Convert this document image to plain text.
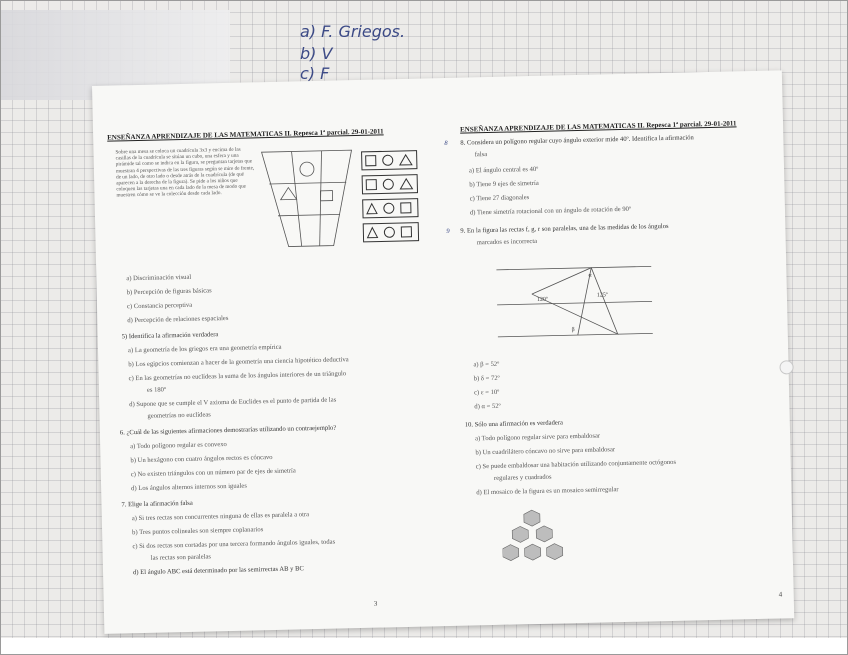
a) F. Griegos.
b) V
c) F
ENSEÑANZA APRENDIZAJE DE LAS MATEMATICAS II. Repesca 1ª parcial. 29-01-2011
Sobre una mesa se coloca un cuadrícula 3x3 y encima de las casillas de la cuadrícula se sitúan un cubo, una esfera y una pirámide tal como se indica en la figura, se preguntan tarjetas que muestran 4 perspectivas de las tres figuras según se mire de frente, de un lado, de otro lado o desde atrás de la cuadrícula (de qué aparecen a la derecha de la figura). Se pide a los niños que coloquen las tarjetas una en cada lado de la mesa de modo que muestren cómo se ve la colección desde cada lado.
a) Discriminación visual
b) Percepción de figuras básicas
c) Constancia perceptiva
d) Percepción de relaciones espaciales
5) Identifica la afirmación verdadera
a) La geometría de los griegos era una geometría empírica
b) Los egipcios comienzan a hacer de la geometría una ciencia hipotético deductiva
c) En las geometrías no euclídeas la suma de los ángulos interiores de un triángulo
es 180º
d) Supone que se cumple el V axioma de Euclides es el punto de partida de las
geometrías no euclídeas
6. ¿Cuál de las siguientes afirmaciones demostrarías utilizando un contraejemplo?
a) Todo polígono regular es convexo
b) Un hexágono con cuatro ángulos rectos es cóncavo
c) No existen triángulos con un número par de ejes de simetría
d) Los ángulos alternos internos son iguales
7. Elige la afirmación falsa
a) Si tres rectas son concurrentes ninguna de ellas es paralela a otra
b) Tres puntos colineales son siempre coplanarios
c) Si dos rectas son cortadas por una tercera formando ángulos iguales, todas
las rectas son paralelas
d) El ángulo ABC está determinado por las semirrectas AB y BC
3
ENSEÑANZA APRENDIZAJE DE LAS MATEMATICAS II. Repesca 1ª parcial. 29-01-2011
8 8. Considera un polígono regular cuyo ángulo exterior mide 40º. Identifica la afirmación
falsa
a) El ángulo central es 40º
b) Tiene 9 ejes de simetría
c) Tiene 27 diagonales
d) Tiene simetría rotacional con un ángulo de rotación de 90º
9 9. En la figura las rectas f, g, r son paralelas, una de las medidas de los ángulos
marcados es incorrecta
120º
125º
β
α
a) β = 52º
b) δ = 72º
c) ε = 10º
d) α = 52º
10. Sólo una afirmación es verdadera
a) Todo polígono regular sirve para embaldosar
b) Un cuadrilátero cóncavo no sirve para embaldosar
c) Se puede embaldosar una habitación utilizando conjuntamente octógonos
regulares y cuadrados
d) El mosaico de la figura es un mosaico semirregular
4
